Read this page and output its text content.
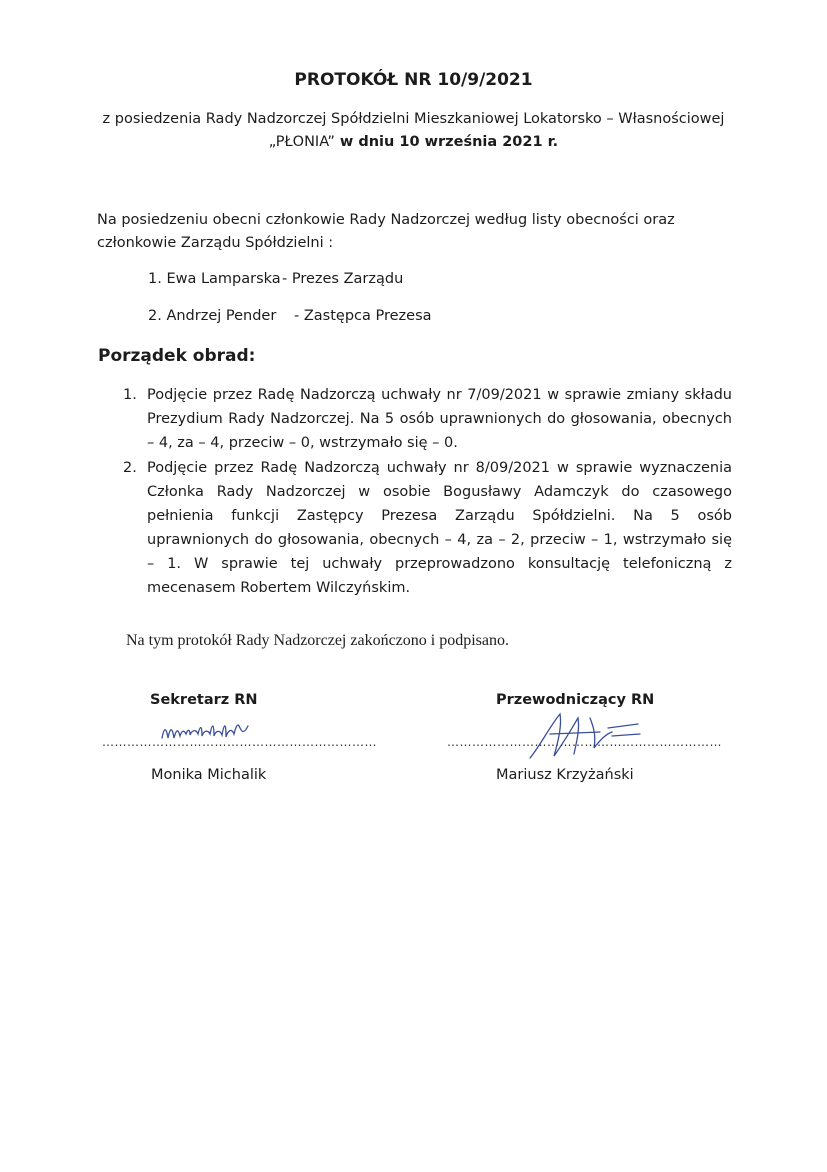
PROTOKÓŁ NR 10/9/2021
z posiedzenia Rady Nadzorczej Spółdzielni Mieszkaniowej Lokatorsko – Własnościowej
„PŁONIA” w dniu 10 września 2021 r.
Na posiedzeniu obecni członkowie Rady Nadzorczej według listy obecności oraz członkowie Zarządu Spółdzielni :
1. Ewa Lamparska - Prezes Zarządu
2. Andrzej Pender - Zastępca Prezesa
Porządek obrad:
1. Podjęcie przez Radę Nadzorczą uchwały nr 7/09/2021 w sprawie zmiany składu Prezydium Rady Nadzorczej. Na 5 osób uprawnionych do głosowania, obecnych – 4, za – 4, przeciw – 0, wstrzymało się – 0.
2. Podjęcie przez Radę Nadzorczą uchwały nr 8/09/2021 w sprawie wyznaczenia Członka Rady Nadzorczej w osobie Bogusławy Adamczyk do czasowego pełnienia funkcji Zastępcy Prezesa Zarządu Spółdzielni. Na 5 osób uprawnionych do głosowania, obecnych – 4, za – 2, przeciw – 1, wstrzymało się – 1. W sprawie tej uchwały przeprowadzono konsultację telefoniczną z mecenasem Robertem Wilczyńskim.
Na tym protokół Rady Nadzorczej zakończono i podpisano.
Sekretarz RN
…………………………………………………………
Monika Michalik
Przewodniczący RN
…………………………………………………………
Mariusz Krzyżański
